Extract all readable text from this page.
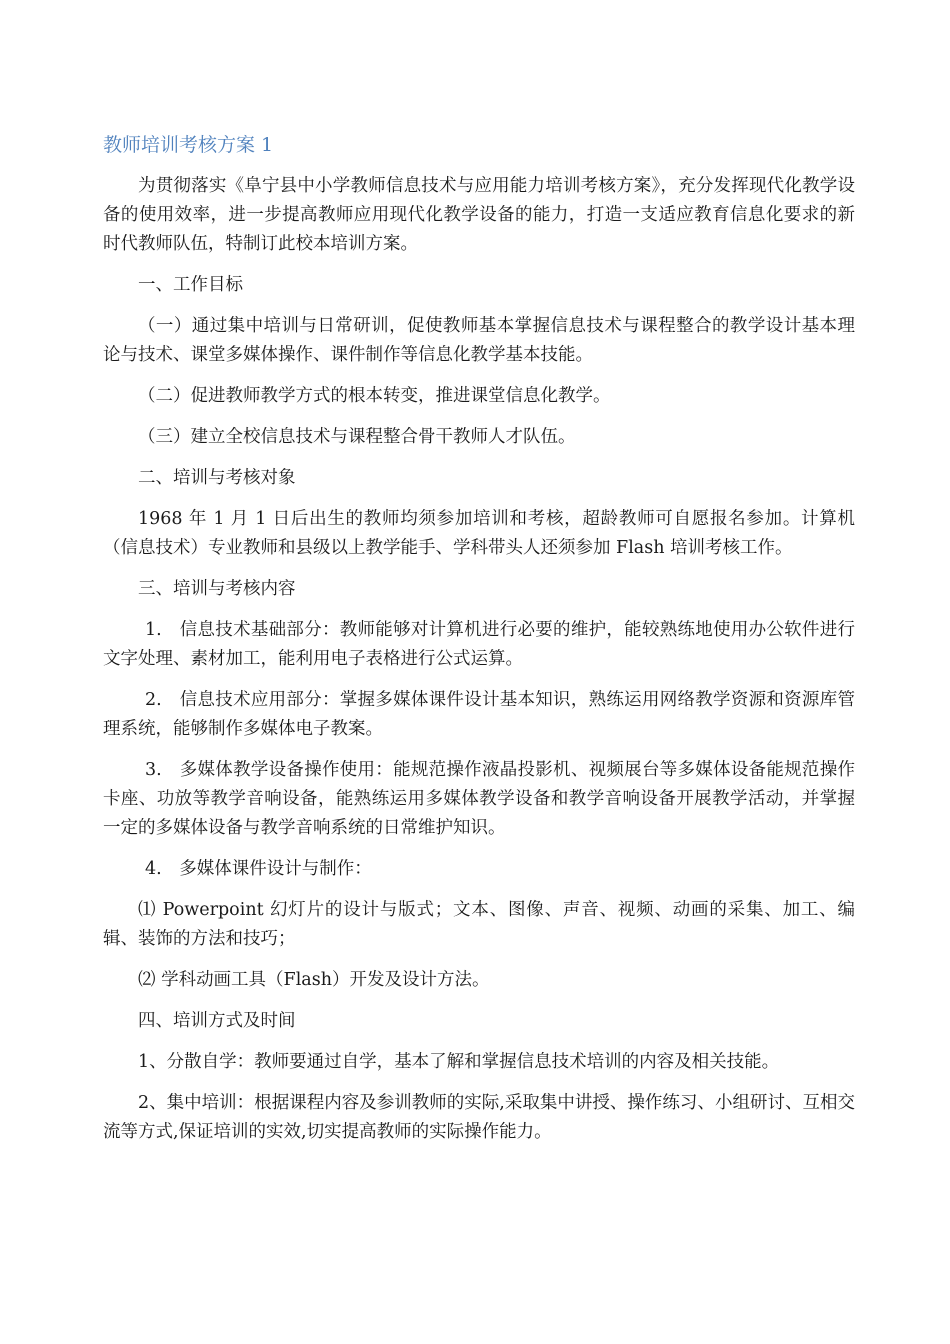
教师培训考核方案 1

为贯彻落实《阜宁县中小学教师信息技术与应用能力培训考核方案》，充分发挥现代化教学设备的使用效率，进一步提高教师应用现代化教学设备的能力，打造一支适应教育信息化要求的新时代教师队伍，特制订此校本培训方案。

一、工作目标

（一）通过集中培训与日常研训，促使教师基本掌握信息技术与课程整合的教学设计基本理论与技术、课堂多媒体操作、课件制作等信息化教学基本技能。

（二）促进教师教学方式的根本转变，推进课堂信息化教学。

（三）建立全校信息技术与课程整合骨干教师人才队伍。

二、培训与考核对象

1968 年 1 月 1 日后出生的教师均须参加培训和考核，超龄教师可自愿报名参加。计算机（信息技术）专业教师和县级以上教学能手、学科带头人还须参加 Flash 培训考核工作。

三、培训与考核内容

1.　信息技术基础部分：教师能够对计算机进行必要的维护，能较熟练地使用办公软件进行文字处理、素材加工，能利用电子表格进行公式运算。

2.　信息技术应用部分：掌握多媒体课件设计基本知识，熟练运用网络教学资源和资源库管理系统，能够制作多媒体电子教案。

3.　多媒体教学设备操作使用：能规范操作液晶投影机、视频展台等多媒体设备能规范操作卡座、功放等教学音响设备，能熟练运用多媒体教学设备和教学音响设备开展教学活动，并掌握一定的多媒体设备与教学音响系统的日常维护知识。

4.　多媒体课件设计与制作：

⑴ Powerpoint 幻灯片的设计与版式；文本、图像、声音、视频、动画的采集、加工、编辑、装饰的方法和技巧；

⑵ 学科动画工具（Flash）开发及设计方法。

四、培训方式及时间

1、分散自学：教师要通过自学，基本了解和掌握信息技术培训的内容及相关技能。

2、集中培训：根据课程内容及参训教师的实际,采取集中讲授、操作练习、小组研讨、互相交流等方式,保证培训的实效,切实提高教师的实际操作能力。
